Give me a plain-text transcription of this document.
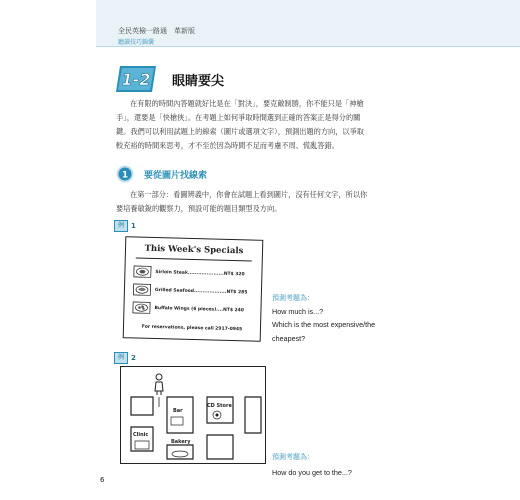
全民英檢一路通　革新版
聽讀技巧錦囊
1-2 眼睛要尖

在有限的時間內答題就好比是在「對決」，要克敵制勝，你不能只是「神槍

手」，還要是「快槍俠」。在考題上如何爭取時間選到正確的答案正是得分的關

鍵。我們可以利用試題上的線索（圖片或選項文字），預測出題的方向，以爭取

較充裕的時間來思考，才不至於因為時間不足而考慮不周、慌亂答錯。

1 要從圖片找線索

在第一部分：看圖辨義中，你會在試題上看到圖片，沒有任何文字，所以你

要培養敏銳的觀察力，預設可能的題目類型及方向。

例 1
This Week's Specials
Sirloin Steak.....................NT$ 320
Grilled Seafood...................NT$ 285
Buffalo Wings (6 pieces)....NT$ 240
For reservations, please call 2917-0945
預測考題為：
How much is...?
Which is the most expensive/the
cheapest?
例 2
Bar
CD Store
Clinic
Bakery
預測考題為：
How do you get to the...?
6
